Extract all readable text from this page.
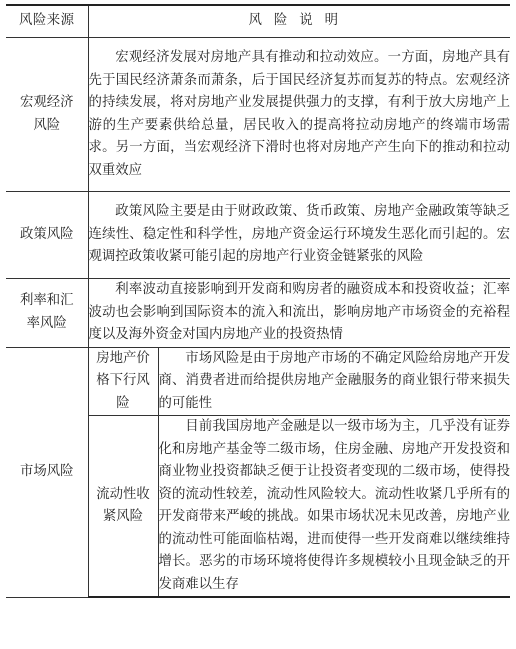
风险来源	风险说明	

宏观经济风险	宏观经济发展对房地产具有推动和拉动效应。一方面，房地产具有先于国民经济萧条而萧条，后于国民经济复苏而复苏的特点。宏观经济的持续发展，将对房地产业发展提供强力的支撑，有利于放大房地产上游的生产要素供给总量，居民收入的提高将拉动房地产的终端市场需求。另一方面，当宏观经济下滑时也将对房地产产生向下的推动和拉动双重效应	

政策风险	政策风险主要是由于财政政策、货币政策、房地产金融政策等缺乏连续性、稳定性和科学性，房地产资金运行环境发生恶化而引起的。宏观调控政策收紧可能引起的房地产行业资金链紧张的风险	

利率和汇率风险	利率波动直接影响到开发商和购房者的融资成本和投资收益；汇率波动也会影响到国际资本的流入和流出，影响房地产市场资金的充裕程度以及海外资金对国内房地产业的投资热情	

市场风险	房地产价格下行风险	市场风险是由于房地产市场的不确定风险给房地产开发商、消费者进而给提供房地产金融服务的商业银行带来损失的可能性

	流动性收紧风险	目前我国房地产金融是以一级市场为主，几乎没有证券化和房地产基金等二级市场，住房金融、房地产开发投资和商业物业投资都缺乏便于让投资者变现的二级市场，使得投资的流动性较差，流动性风险较大。流动性收紧几乎所有的开发商带来严峻的挑战。如果市场状况未见改善，房地产业的流动性可能面临枯竭，进而使得一些开发商难以继续维持增长。恶劣的市场环境将使得许多规模较小且现金缺乏的开发商难以生存
